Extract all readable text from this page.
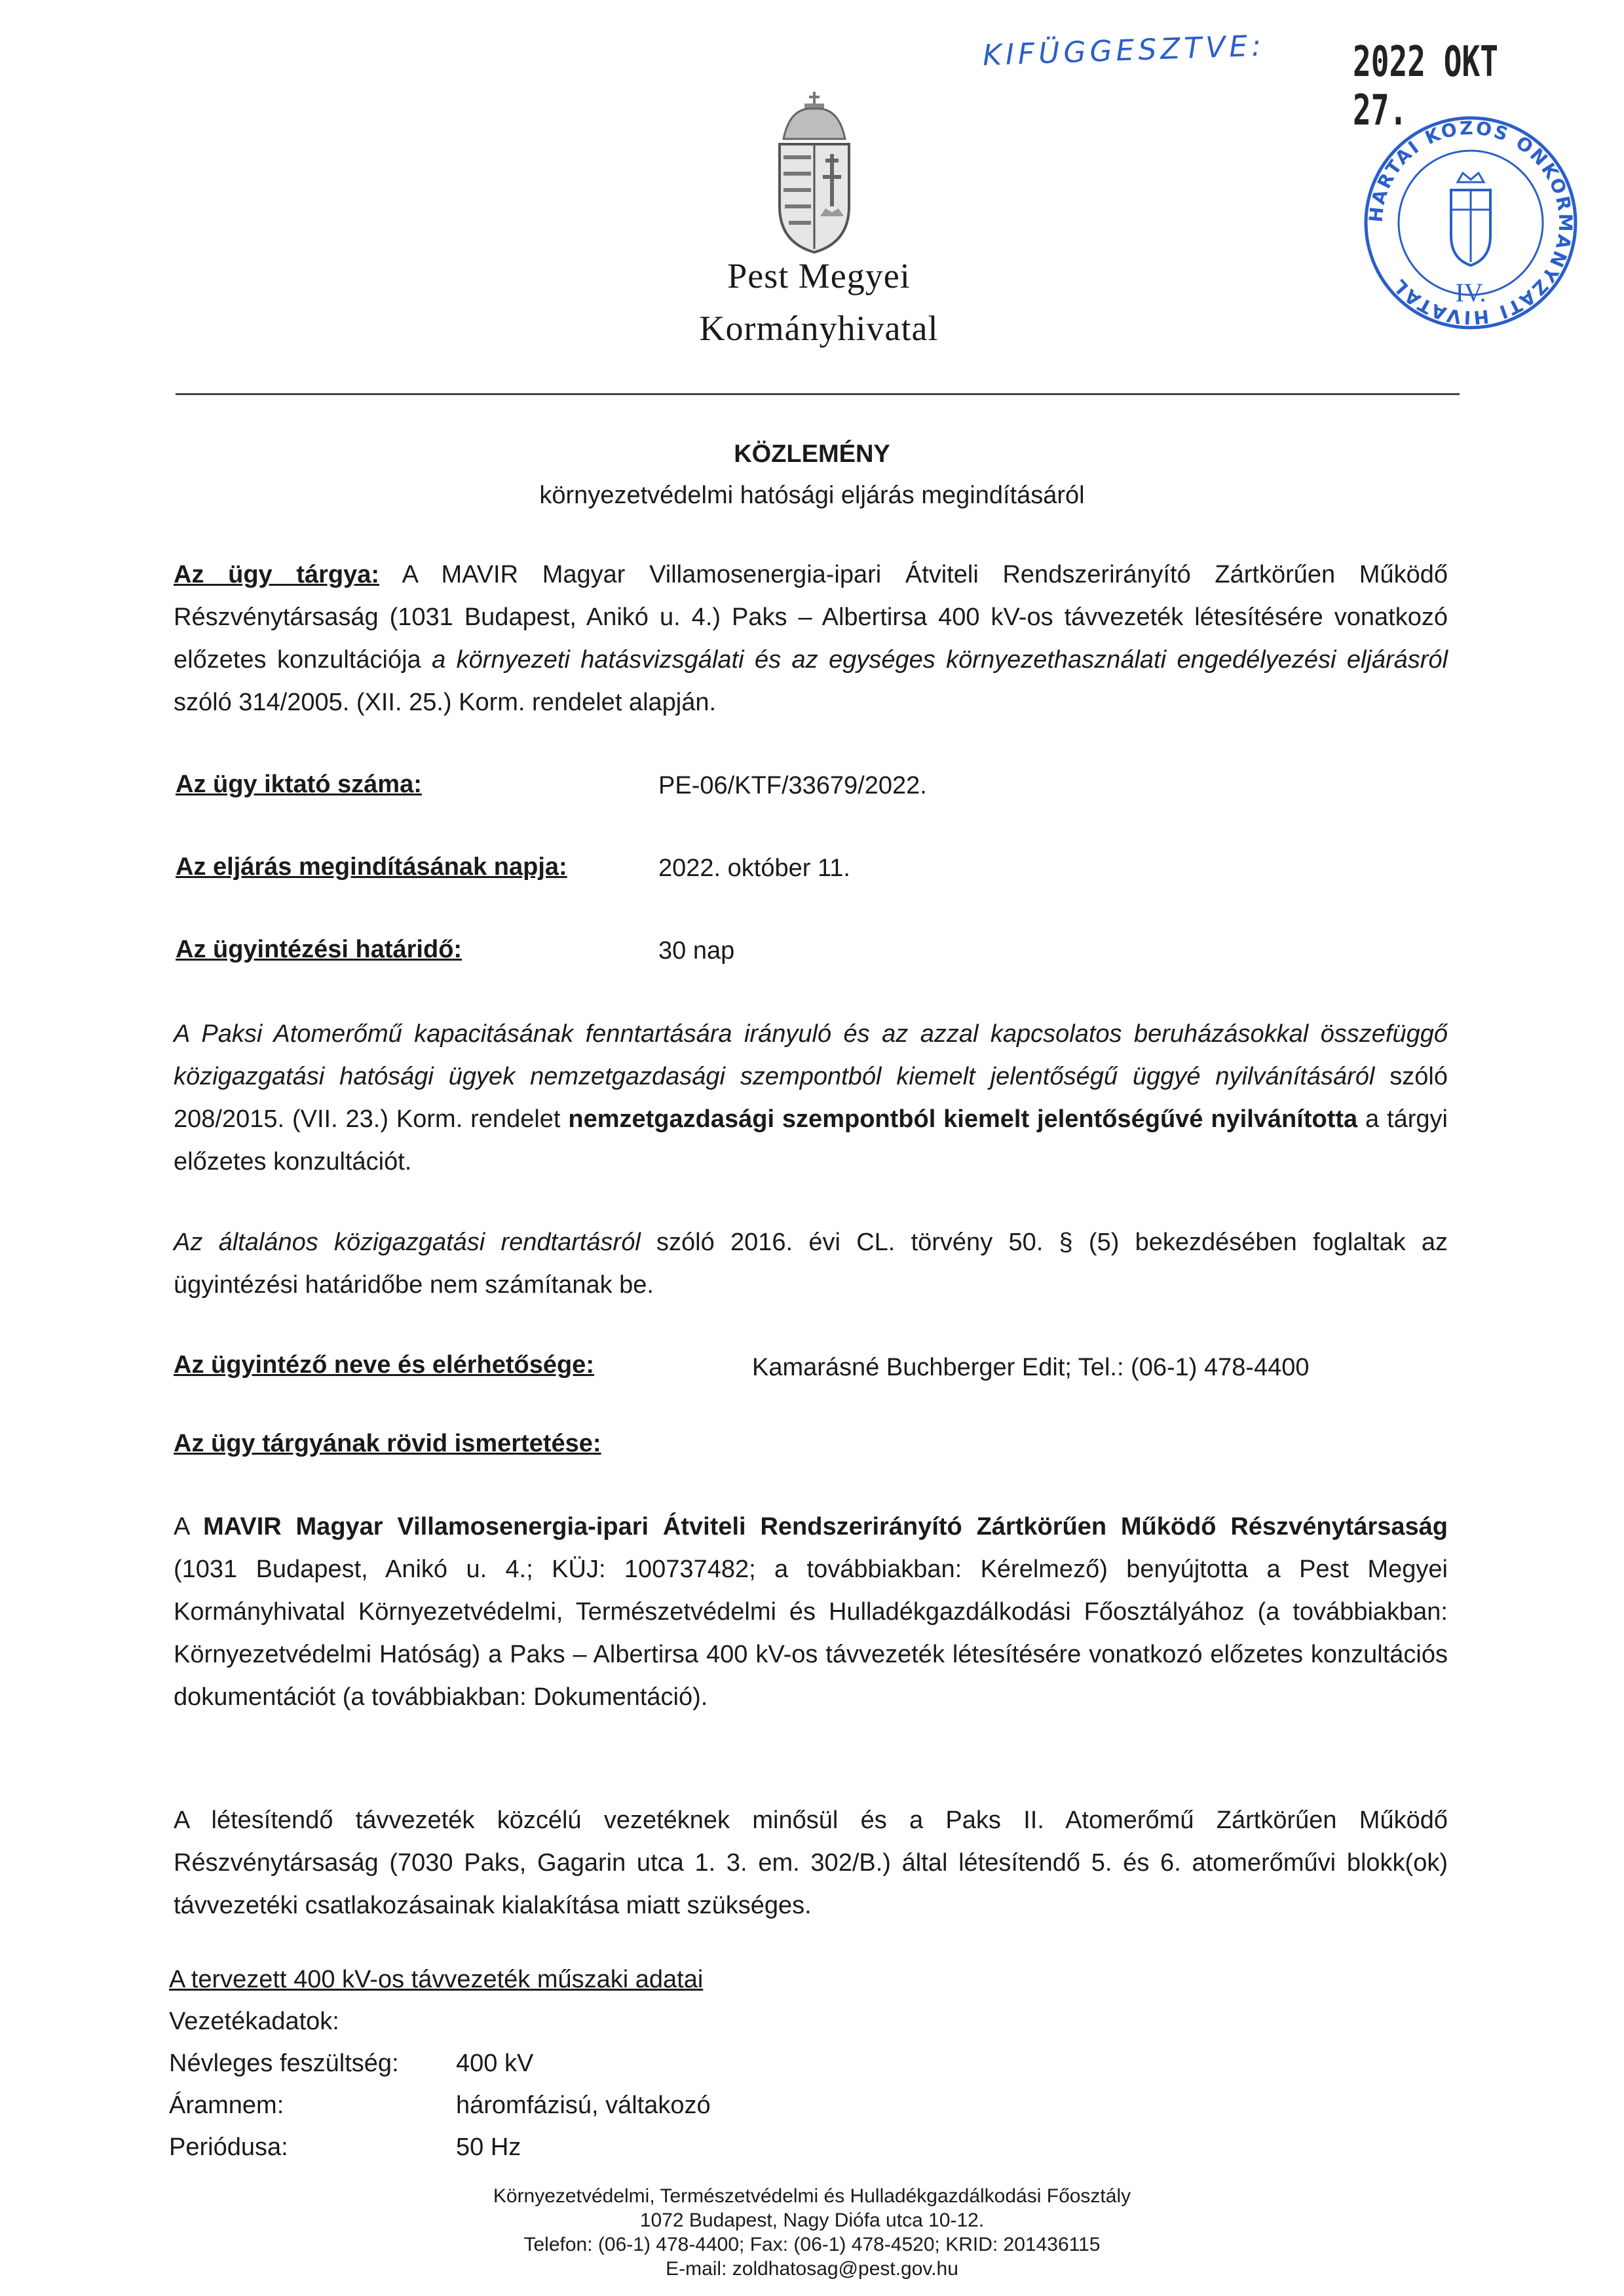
KIFÜGGESZTVE: 2022 OKT 27.
HARTAI KÖZÖS ÖNKORMÁNYZATI HIVATAL	IV.
Pest Megyei
Kormányhivatal
KÖZLEMÉNY
környezetvédelmi hatósági eljárás megindításáról
Az ügy tárgya: A MAVIR Magyar Villamosenergia-ipari Átviteli Rendszerirányító Zártkörűen Működő Részvénytársaság (1031 Budapest, Anikó u. 4.) Paks – Albertirsa 400 kV-os távvezeték létesítésére vonatkozó előzetes konzultációja a környezeti hatásvizsgálati és az egységes környezethasználati engedélyezési eljárásról szóló 314/2005. (XII. 25.) Korm. rendelet alapján.
Az ügy iktató száma:	PE-06/KTF/33679/2022.
Az eljárás megindításának napja:	2022. október 11.
Az ügyintézési határidő:	30 nap
A Paksi Atomerőmű kapacitásának fenntartására irányuló és az azzal kapcsolatos beruházásokkal összefüggő közigazgatási hatósági ügyek nemzetgazdasági szempontból kiemelt jelentőségű üggyé nyilvánításáról szóló 208/2015. (VII. 23.) Korm. rendelet nemzetgazdasági szempontból kiemelt jelentőségűvé nyilvánította a tárgyi előzetes konzultációt.
Az általános közigazgatási rendtartásról szóló 2016. évi CL. törvény 50. § (5) bekezdésében foglaltak az ügyintézési határidőbe nem számítanak be.
Az ügyintéző neve és elérhetősége:	Kamarásné Buchberger Edit; Tel.: (06-1) 478-4400
Az ügy tárgyának rövid ismertetése:
A MAVIR Magyar Villamosenergia-ipari Átviteli Rendszerirányító Zártkörűen Működő Részvénytársaság (1031 Budapest, Anikó u. 4.; KÜJ: 100737482; a továbbiakban: Kérelmező) benyújtotta a Pest Megyei Kormányhivatal Környezetvédelmi, Természetvédelmi és Hulladékgazdálkodási Főosztályához (a továbbiakban: Környezetvédelmi Hatóság) a Paks – Albertirsa 400 kV-os távvezeték létesítésére vonatkozó előzetes konzultációs dokumentációt (a továbbiakban: Dokumentáció).
A létesítendő távvezeték közcélú vezetéknek minősül és a Paks II. Atomerőmű Zártkörűen Működő Részvénytársaság (7030 Paks, Gagarin utca 1. 3. em. 302/B.) által létesítendő 5. és 6. atomerőművi blokk(ok) távvezetéki csatlakozásainak kialakítása miatt szükséges.
A tervezett 400 kV-os távvezeték műszaki adatai
Vezetékadatok:
Névleges feszültség: 400 kV
Áramnem:	háromfázisú, váltakozó
Periódusa:	50 Hz
Környezetvédelmi, Természetvédelmi és Hulladékgazdálkodási Főosztály
1072 Budapest, Nagy Diófa utca 10-12.
Telefon: (06-1) 478-4400; Fax: (06-1) 478-4520; KRID: 201436115
E-mail: zoldhatosag@pest.gov.hu
